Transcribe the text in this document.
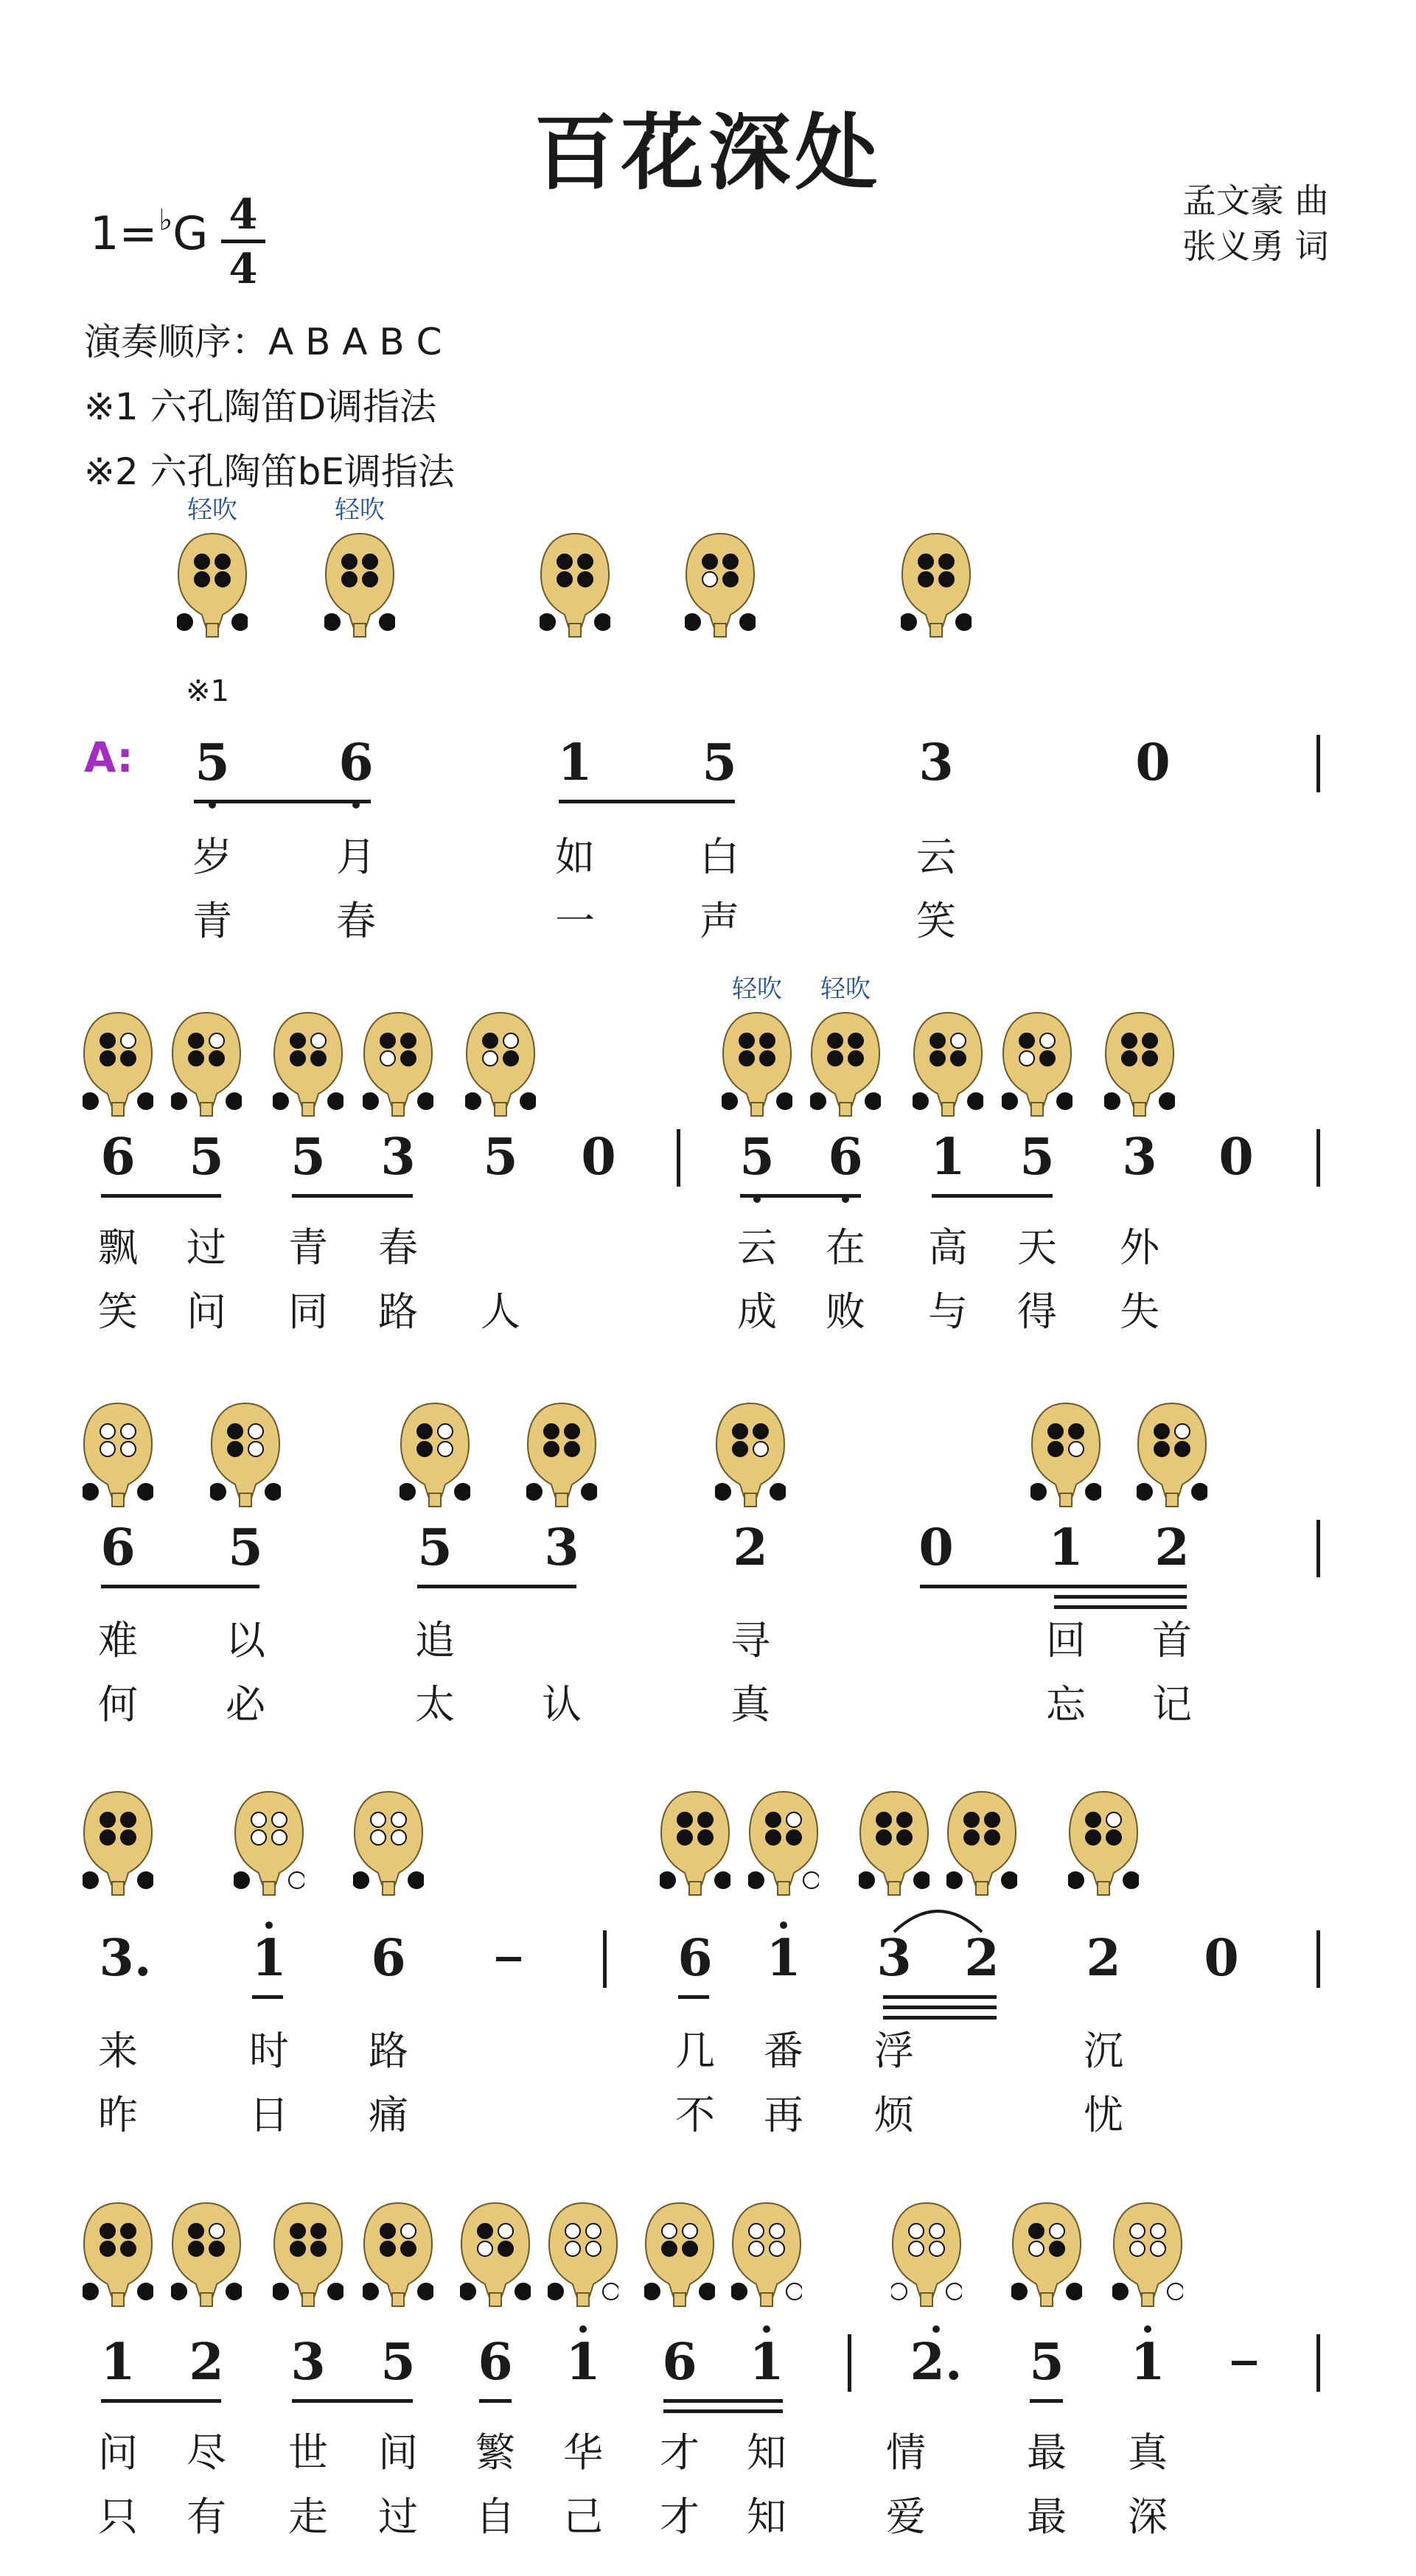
百花深处	孟文豪 曲
张义勇 词
1=♭G 4
4
演奏顺序：A B A B C
※1 六孔陶笛D调指法
※2 六孔陶笛bE调指法
※1
A:
轻吹	轻吹
轻吹	轻吹
5 6	1 5	3	0
岁	月	如	白	云
青	春	一	声	笑
6 5 5 3 5 0 5 6 1 5 3 0
飘	过	青	春	云	在	高	天	外
笑	问	同	路	人	成	败	与	得	失
6 5	5 3	2	0 1 2
难	以	追	寻	回	首
何	必	太	认	真	忘	记
3. 1 6	6 1 3 2 2 0
来	时	路	几	番	浮	沉
昨	日	痛	不	再	烦	忧
1 2 3 5 6 1 6 1	2. 5 1
问	尽	世	间	繁	华	才	知	情	最	真
只	有	走	过	自	己	才	知	爱	最	深
